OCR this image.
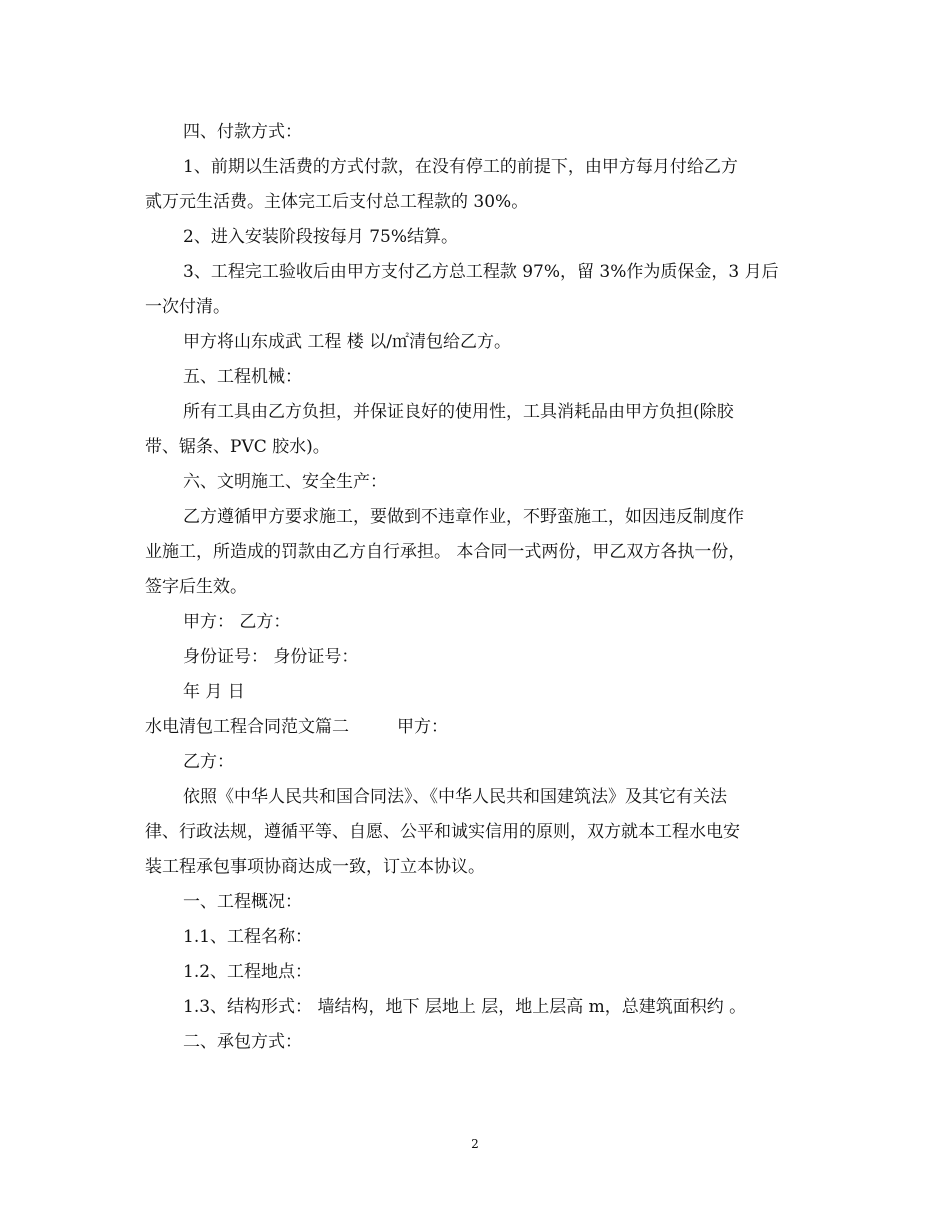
四、付款方式：

1、前期以生活费的方式付款，在没有停工的前提下，由甲方每月付给乙方

贰万元生活费。主体完工后支付总工程款的 30%。

2、进入安装阶段按每月 75%结算。

3、工程完工验收后由甲方支付乙方总工程款 97%，留 3%作为质保金，3 月后

一次付清。

甲方将山东成武 工程 楼 以/㎡清包给乙方。

五、工程机械：

所有工具由乙方负担，并保证良好的使用性，工具消耗品由甲方负担(除胶

带、锯条、PVC 胶水)。

六、文明施工、安全生产：

乙方遵循甲方要求施工，要做到不违章作业，不野蛮施工，如因违反制度作

业施工，所造成的罚款由乙方自行承担。 本合同一式两份，甲乙双方各执一份，

签字后生效。

甲方： 乙方：

身份证号： 身份证号：

年 月 日

水电清包工程合同范文篇二	甲方：

乙方：

依照《中华人民共和国合同法》、《中华人民共和国建筑法》及其它有关法

律、行政法规，遵循平等、自愿、公平和诚实信用的原则，双方就本工程水电安

装工程承包事项协商达成一致，订立本协议。

一、工程概况：

1.1、工程名称：

1.2、工程地点：

1.3、结构形式： 墙结构，地下 层地上 层，地上层高 m，总建筑面积约 。

二、承包方式：

2
